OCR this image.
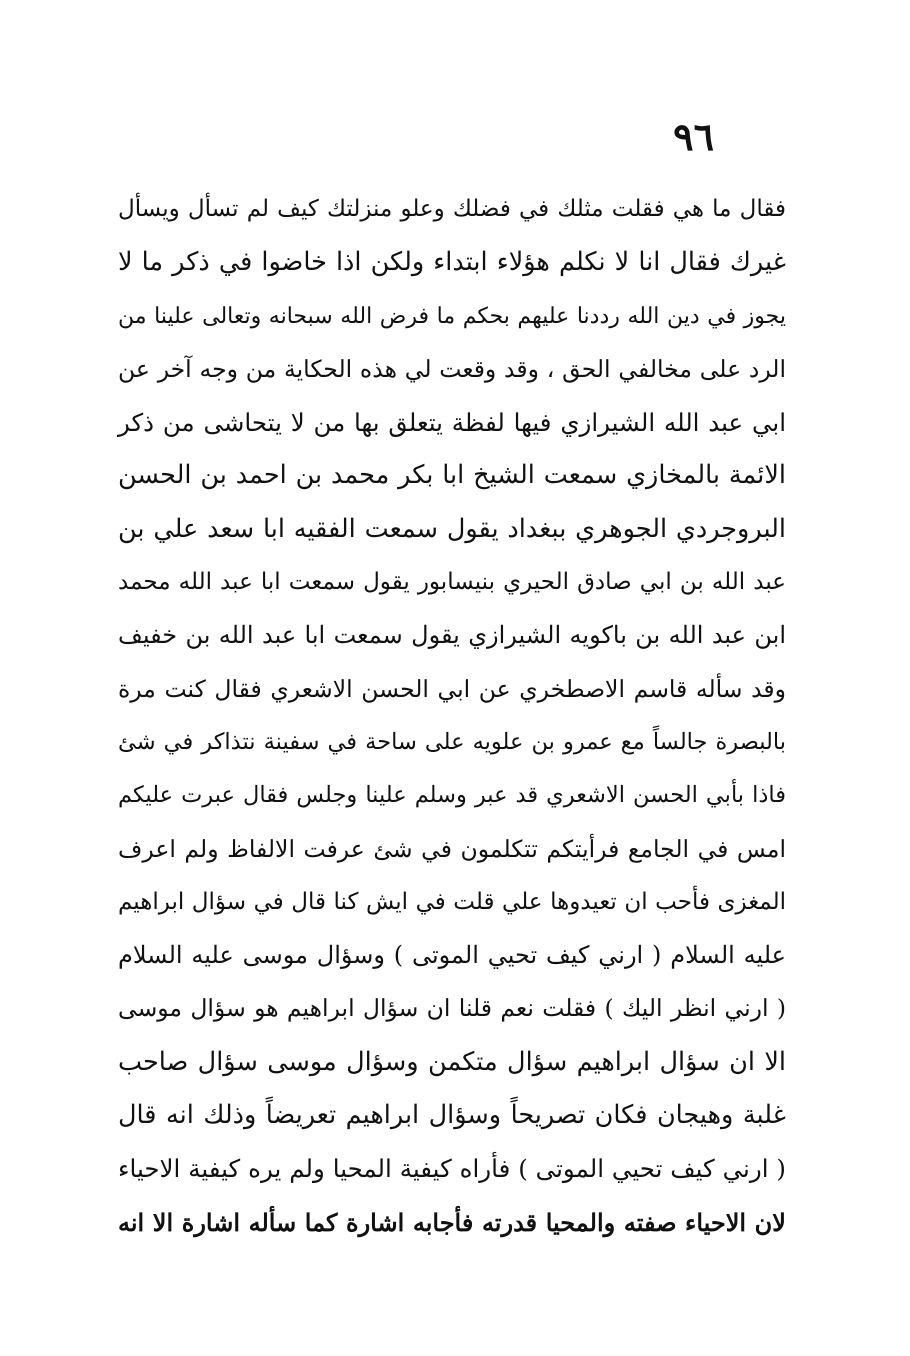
٩٦
فقال ما هي فقلت مثلك في فضلك وعلو منزلتك كيف لم تسأل ويسأل
غيرك فقال انا لا نكلم هؤلاء ابتداء ولكن اذا خاضوا في ذكر ما لا
يجوز في دين الله رددنا عليهم بحكم ما فرض الله سبحانه وتعالى علينا من
الرد على مخالفي الحق ، وقد وقعت لي هذه الحكاية من وجه آخر عن
ابي عبد الله الشيرازي فيها لفظة يتعلق بها من لا يتحاشى من ذكر
الائمة بالمخازي سمعت الشيخ ابا بكر محمد بن احمد بن الحسن
البروجردي الجوهري ببغداد يقول سمعت الفقيه ابا سعد علي بن
عبد الله بن ابي صادق الحيري بنيسابور يقول سمعت ابا عبد الله محمد
ابن عبد الله بن باكويه الشيرازي يقول سمعت ابا عبد الله بن خفيف
وقد سأله قاسم الاصطخري عن ابي الحسن الاشعري فقال كنت مرة
بالبصرة جالساً مع عمرو بن علويه على ساحة في سفينة نتذاكر في شئ
فاذا بأبي الحسن الاشعري قد عبر وسلم علينا وجلس فقال عبرت عليكم
امس في الجامع فرأيتكم تتكلمون في شئ عرفت الالفاظ ولم اعرف
المغزى فأحب ان تعيدوها علي قلت في ايش كنا قال في سؤال ابراهيم
عليه السلام ( ارني كيف تحيي الموتى ) وسؤال موسى عليه السلام
( ارني انظر اليك ) فقلت نعم قلنا ان سؤال ابراهيم هو سؤال موسى
الا ان سؤال ابراهيم سؤال متكمن وسؤال موسى سؤال صاحب
غلبة وهيجان فكان تصريحاً وسؤال ابراهيم تعريضاً وذلك انه قال
( ارني كيف تحيي الموتى ) فأراه كيفية المحيا ولم يره كيفية الاحياء
لان الاحياء صفته والمحيا قدرته فأجابه اشارة كما سأله اشارة الا انه
